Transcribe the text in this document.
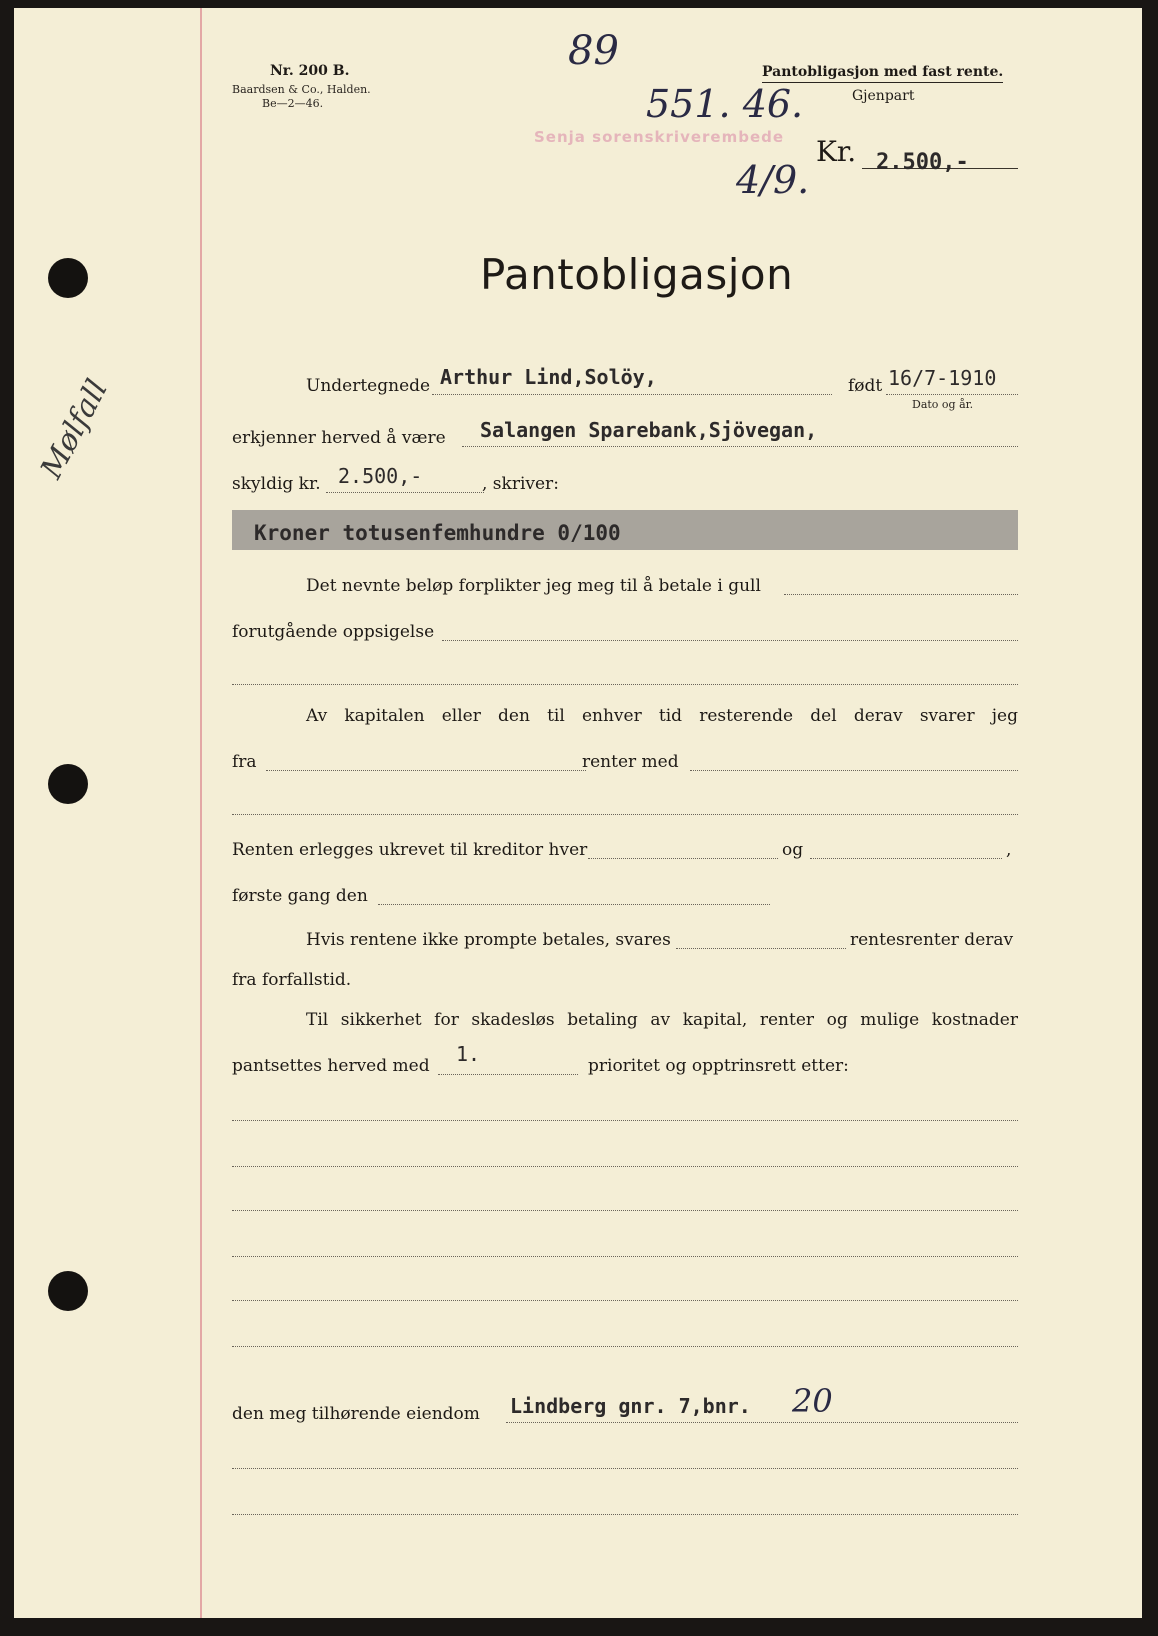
Nr. 200 B.
Baardsen & Co., Halden.
Be—2—46.
Pantobligasjon med fast rente.
Gjenpart
89
551. 46.
4/9.
Senja sorenskriverembede Kr. 2.500,-
Pantobligasjon
Mølfall	Undertegnede Arthur Lind,Solöy,	født 16/7-1910
Dato og år.
erkjenner herved å være Salangen Sparebank,Sjövegan,
skyldig kr. 2.500,-	, skriver:
Kroner totusenfemhundre 0/100
Det nevnte beløp forplikter jeg meg til å betale i gull
forutgående oppsigelse
Av kapitalen eller den til enhver tid resterende del derav svarer jeg
fra	renter med
Renten erlegges ukrevet til kreditor hver	og	,
første gang den
Hvis rentene ikke prompte betales, svares	rentesrenter derav
fra forfallstid.
Til sikkerhet for skadesløs betaling av kapital, renter og mulige kostnader
pantsettes herved med 1.	prioritet og opptrinsrett etter:
den meg tilhørende eiendom Lindberg gnr. 7,bnr. 20
